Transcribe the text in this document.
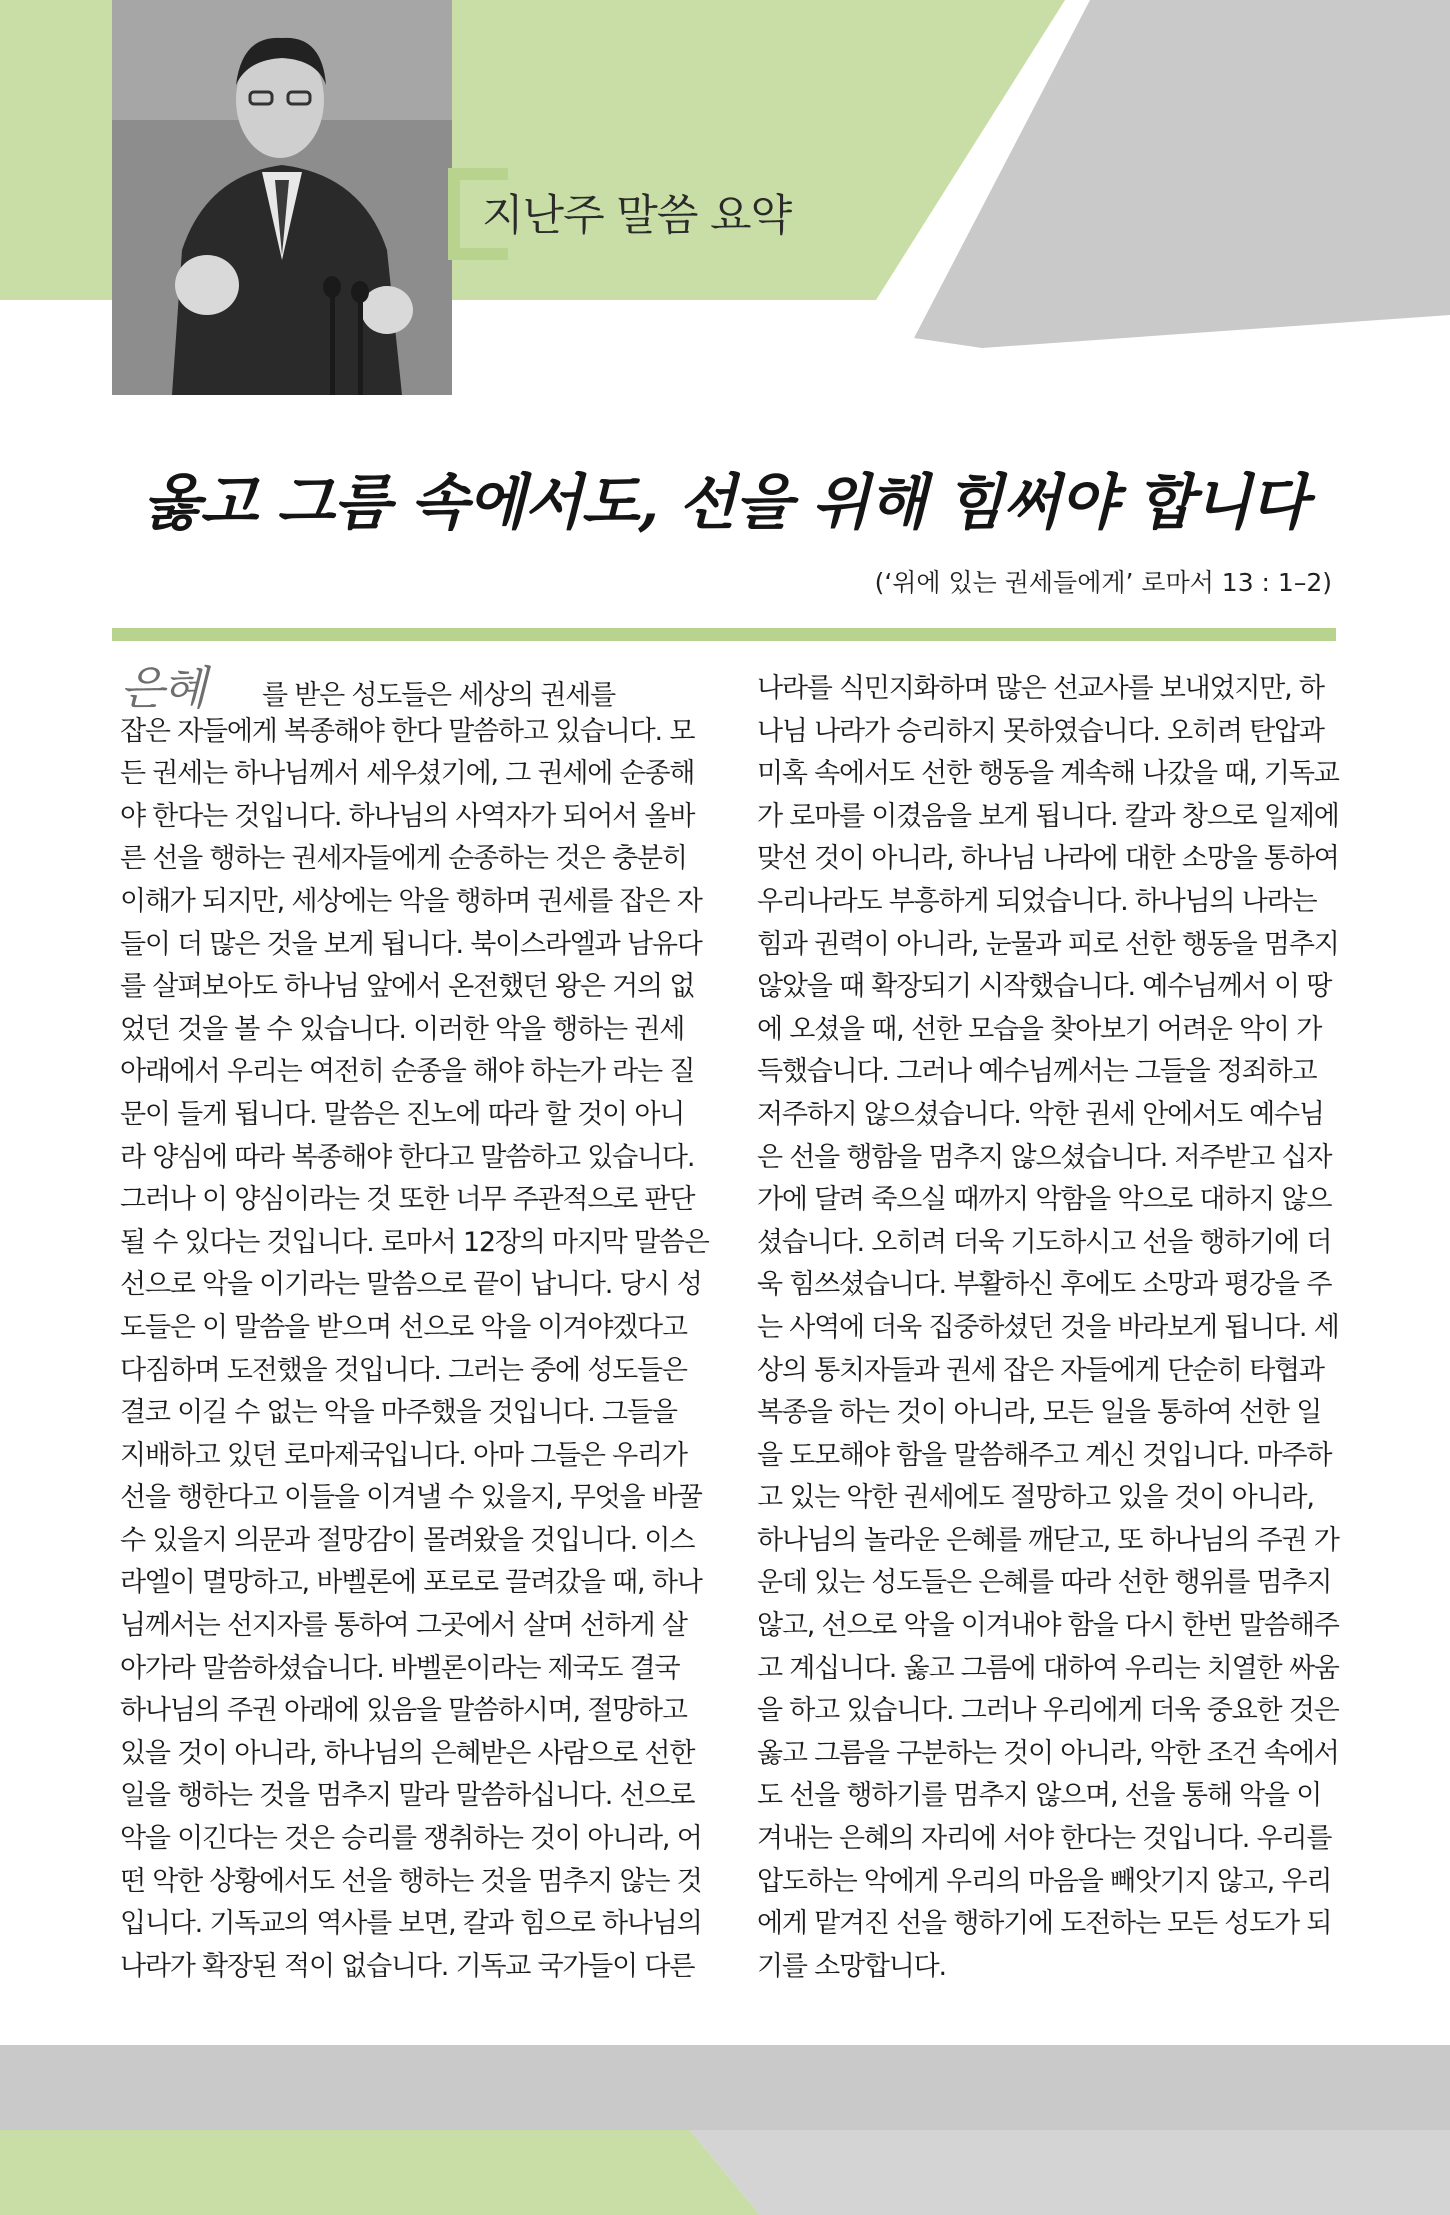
지난주 말씀 요약
옳고 그름 속에서도, 선을 위해 힘써야 합니다
(‘위에 있는 권세들에게’ 로마서 13 : 1–2)
은혜 를 받은 성도들은 세상의 권세를
잡은 자들에게 복종해야 한다 말씀하고 있습니다. 모
든 권세는 하나님께서 세우셨기에, 그 권세에 순종해
야 한다는 것입니다. 하나님의 사역자가 되어서 올바
른 선을 행하는 권세자들에게 순종하는 것은 충분히
이해가 되지만, 세상에는 악을 행하며 권세를 잡은 자
들이 더 많은 것을 보게 됩니다. 북이스라엘과 남유다
를 살펴보아도 하나님 앞에서 온전했던 왕은 거의 없
었던 것을 볼 수 있습니다. 이러한 악을 행하는 권세
아래에서 우리는 여전히 순종을 해야 하는가 라는 질
문이 들게 됩니다. 말씀은 진노에 따라 할 것이 아니
라 양심에 따라 복종해야 한다고 말씀하고 있습니다.
그러나 이 양심이라는 것 또한 너무 주관적으로 판단
될 수 있다는 것입니다. 로마서 12장의 마지막 말씀은
선으로 악을 이기라는 말씀으로 끝이 납니다. 당시 성
도들은 이 말씀을 받으며 선으로 악을 이겨야겠다고
다짐하며 도전했을 것입니다. 그러는 중에 성도들은
결코 이길 수 없는 악을 마주했을 것입니다. 그들을
지배하고 있던 로마제국입니다. 아마 그들은 우리가
선을 행한다고 이들을 이겨낼 수 있을지, 무엇을 바꿀
수 있을지 의문과 절망감이 몰려왔을 것입니다. 이스
라엘이 멸망하고, 바벨론에 포로로 끌려갔을 때, 하나
님께서는 선지자를 통하여 그곳에서 살며 선하게 살
아가라 말씀하셨습니다. 바벨론이라는 제국도 결국
하나님의 주권 아래에 있음을 말씀하시며, 절망하고
있을 것이 아니라, 하나님의 은혜받은 사람으로 선한
일을 행하는 것을 멈추지 말라 말씀하십니다. 선으로
악을 이긴다는 것은 승리를 쟁취하는 것이 아니라, 어
떤 악한 상황에서도 선을 행하는 것을 멈추지 않는 것
입니다. 기독교의 역사를 보면, 칼과 힘으로 하나님의
나라가 확장된 적이 없습니다. 기독교 국가들이 다른
나라를 식민지화하며 많은 선교사를 보내었지만, 하
나님 나라가 승리하지 못하였습니다. 오히려 탄압과
미혹 속에서도 선한 행동을 계속해 나갔을 때, 기독교
가 로마를 이겼음을 보게 됩니다. 칼과 창으로 일제에
맞선 것이 아니라, 하나님 나라에 대한 소망을 통하여
우리나라도 부흥하게 되었습니다. 하나님의 나라는
힘과 권력이 아니라, 눈물과 피로 선한 행동을 멈추지
않았을 때 확장되기 시작했습니다. 예수님께서 이 땅
에 오셨을 때, 선한 모습을 찾아보기 어려운 악이 가
득했습니다. 그러나 예수님께서는 그들을 정죄하고
저주하지 않으셨습니다. 악한 권세 안에서도 예수님
은 선을 행함을 멈추지 않으셨습니다. 저주받고 십자
가에 달려 죽으실 때까지 악함을 악으로 대하지 않으
셨습니다. 오히려 더욱 기도하시고 선을 행하기에 더
욱 힘쓰셨습니다. 부활하신 후에도 소망과 평강을 주
는 사역에 더욱 집중하셨던 것을 바라보게 됩니다. 세
상의 통치자들과 권세 잡은 자들에게 단순히 타협과
복종을 하는 것이 아니라, 모든 일을 통하여 선한 일
을 도모해야 함을 말씀해주고 계신 것입니다. 마주하
고 있는 악한 권세에도 절망하고 있을 것이 아니라,
하나님의 놀라운 은혜를 깨닫고, 또 하나님의 주권 가
운데 있는 성도들은 은혜를 따라 선한 행위를 멈추지
않고, 선으로 악을 이겨내야 함을 다시 한번 말씀해주
고 계십니다. 옳고 그름에 대하여 우리는 치열한 싸움
을 하고 있습니다. 그러나 우리에게 더욱 중요한 것은
옳고 그름을 구분하는 것이 아니라, 악한 조건 속에서
도 선을 행하기를 멈추지 않으며, 선을 통해 악을 이
겨내는 은혜의 자리에 서야 한다는 것입니다. 우리를
압도하는 악에게 우리의 마음을 빼앗기지 않고, 우리
에게 맡겨진 선을 행하기에 도전하는 모든 성도가 되
기를 소망합니다.
